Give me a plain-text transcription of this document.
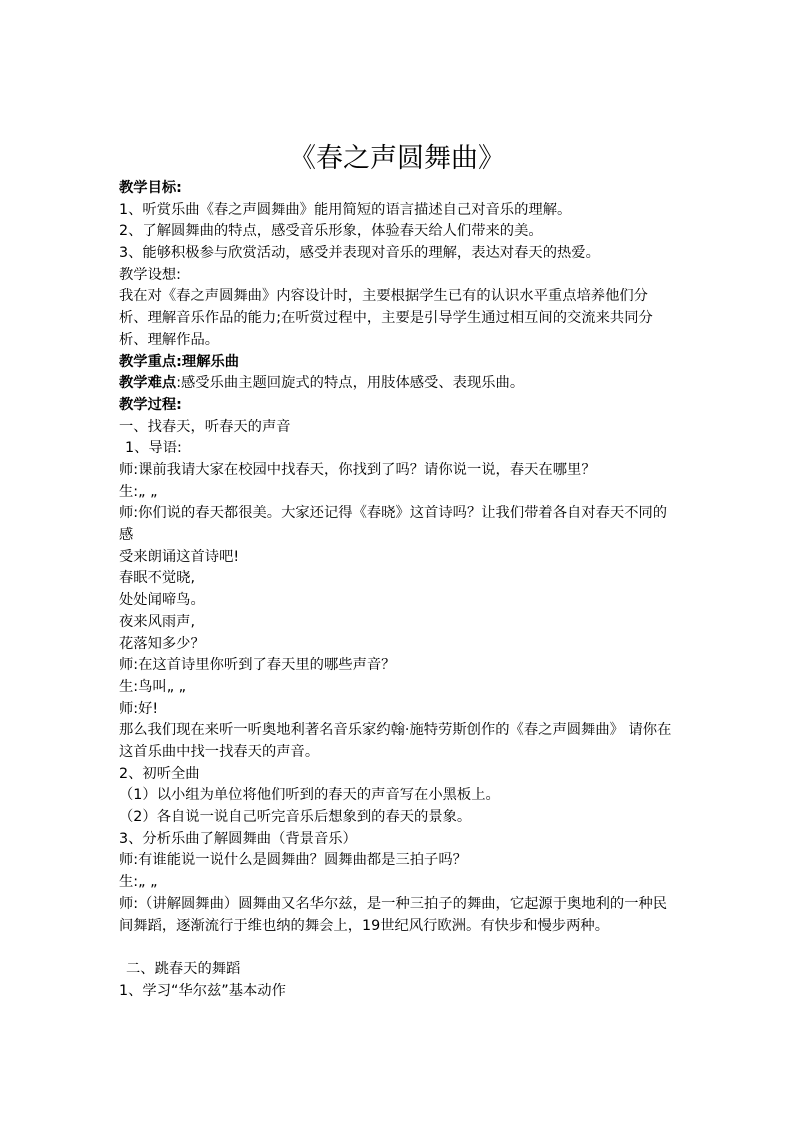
《春之声圆舞曲》
教学目标:
1、听赏乐曲《春之声圆舞曲》能用简短的语言描述自己对音乐的理解。
2、了解圆舞曲的特点，感受音乐形象，体验春天给人们带来的美。
3、能够积极参与欣赏活动，感受并表现对音乐的理解，表达对春天的热爱。
教学设想:
我在对《春之声圆舞曲》内容设计时，主要根据学生已有的认识水平重点培养他们分
析、理解音乐作品的能力;在听赏过程中，主要是引导学生通过相互间的交流来共同分析、理解作品。
教学重点:理解乐曲
教学难点:感受乐曲主题回旋式的特点，用肢体感受、表现乐曲。
教学过程:
一、找春天，听春天的声音
1、导语:
师:课前我请大家在校园中找春天，你找到了吗？请你说一说，春天在哪里？
生:„ „
师:你们说的春天都很美。大家还记得《春晓》这首诗吗？让我们带着各自对春天不同的感
受来朗诵这首诗吧!
春眠不觉晓,
处处闻啼鸟。
夜来风雨声,
花落知多少？
师:在这首诗里你听到了春天里的哪些声音？
生:鸟叫„ „
师:好!
那么我们现在来听一听奥地利著名音乐家约翰·施特劳斯创作的《春之声圆舞曲》 请你在这首乐曲中找一找春天的声音。
2、初听全曲
（1）以小组为单位将他们听到的春天的声音写在小黑板上。
（2）各自说一说自己听完音乐后想象到的春天的景象。
3、分析乐曲了解圆舞曲（背景音乐）
师:有谁能说一说什么是圆舞曲？圆舞曲都是三拍子吗？
生:„ „
师:（讲解圆舞曲）圆舞曲又名华尔兹，是一种三拍子的舞曲，它起源于奥地利的一种民间舞蹈，逐渐流行于维也纳的舞会上，19世纪风行欧洲。有快步和慢步两种。
二、跳春天的舞蹈
1、学习“华尔兹”基本动作
